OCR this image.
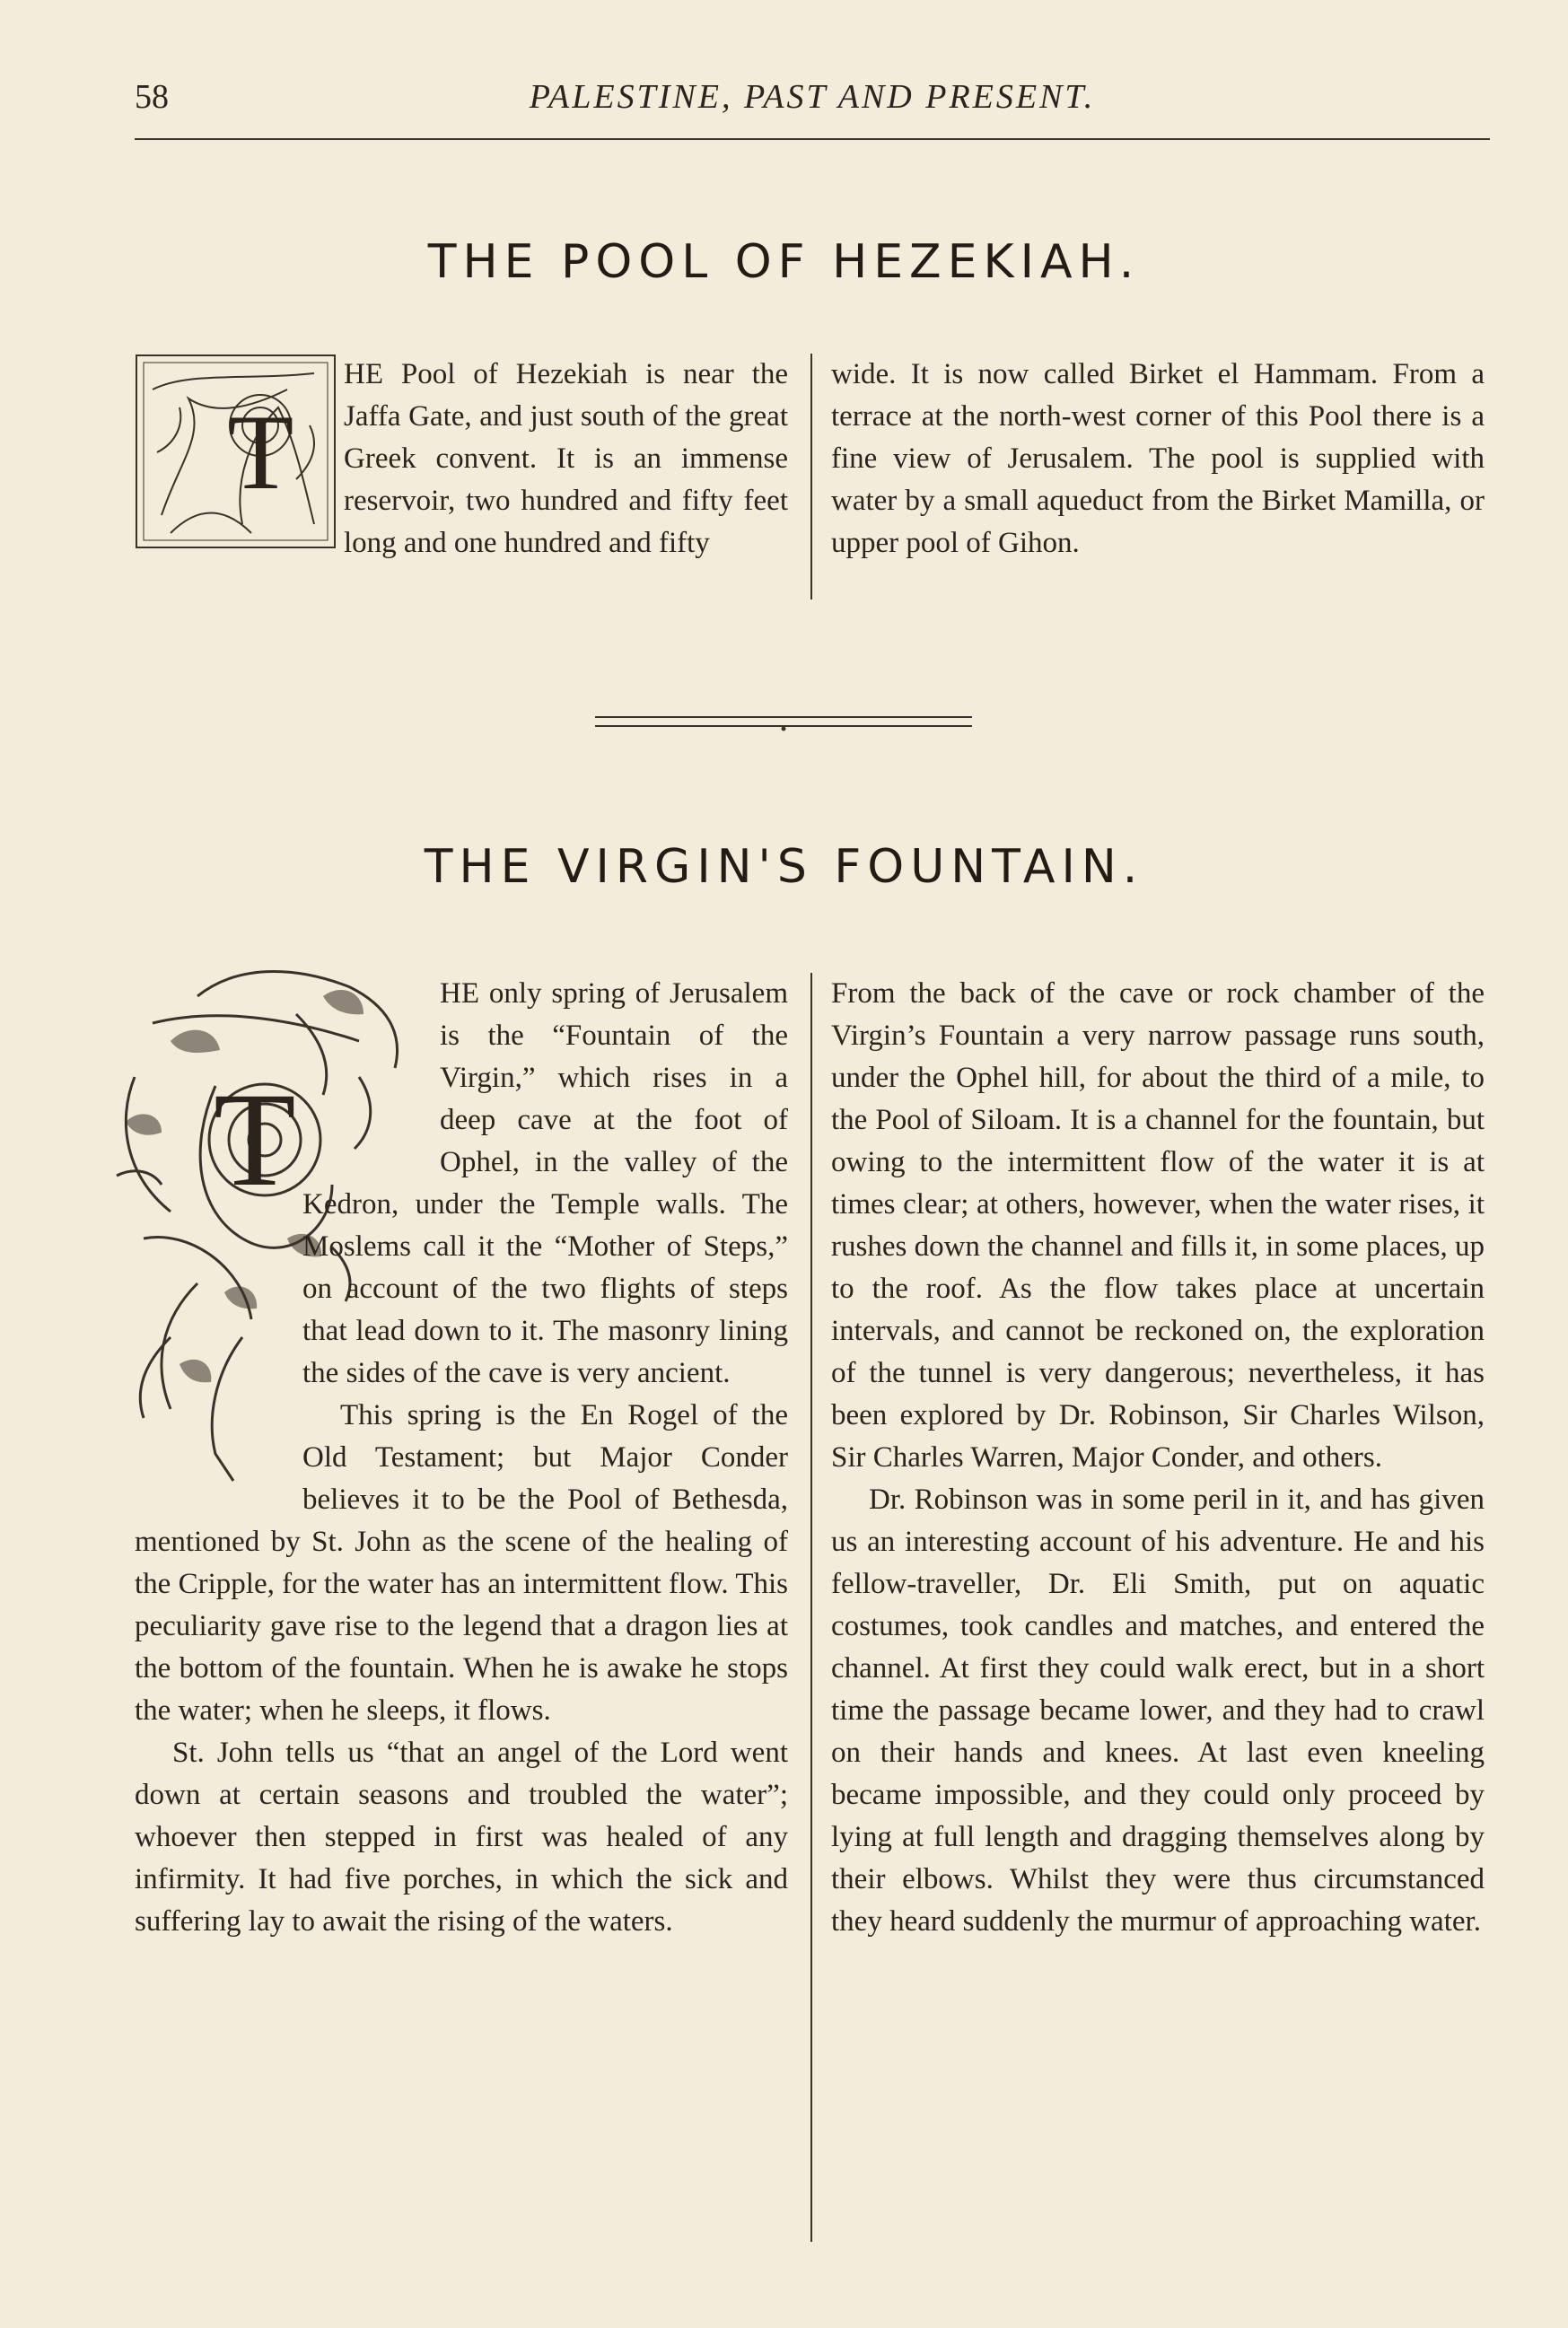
58	PALESTINE, PAST AND PRESENT.
THE POOL OF HEZEKIAH.
T

HE Pool of Hezekiah is near the Jaffa Gate, and just south of the great Greek convent. It is an immense reservoir, two hundred and fifty feet long and one hundred and fifty

wide. It is now called Birket el Hammam. From a terrace at the north-west corner of this Pool there is a fine view of Jerusalem. The pool is supplied with water by a small aqueduct from the Birket Mamilla, or upper pool of Gihon.

THE VIRGIN'S FOUNTAIN.
T

HE only spring of Jerusalem is the “Fountain of the Virgin,” which rises in a deep cave at the foot of Ophel, in the valley of the Kedron, under the Temple walls. The Moslems call it the “Mother of Steps,” on account of the two flights of steps that lead down to it. The masonry lining the sides of the cave is very ancient.

This spring is the En Rogel of the Old Testament; but Major Conder believes it to be the Pool of Bethesda, mentioned by St. John as the scene of the healing of the Cripple, for the water has an intermittent flow. This peculiarity gave rise to the legend that a dragon lies at the bottom of the fountain. When he is awake he stops the water; when he sleeps, it flows.

St. John tells us “that an angel of the Lord went down at certain seasons and troubled the water”; whoever then stepped in first was healed of any infirmity. It had five porches, in which the sick and suffering lay to await the rising of the waters.

From the back of the cave or rock chamber of the Virgin’s Fountain a very narrow passage runs south, under the Ophel hill, for about the third of a mile, to the Pool of Siloam. It is a channel for the fountain, but owing to the intermittent flow of the water it is at times clear; at others, however, when the water rises, it rushes down the channel and fills it, in some places, up to the roof. As the flow takes place at uncertain intervals, and cannot be reckoned on, the exploration of the tunnel is very dangerous; nevertheless, it has been explored by Dr. Robinson, Sir Charles Wilson, Sir Charles Warren, Major Conder, and others.

Dr. Robinson was in some peril in it, and has given us an interesting account of his adventure. He and his fellow-traveller, Dr. Eli Smith, put on aquatic costumes, took candles and matches, and entered the channel. At first they could walk erect, but in a short time the passage became lower, and they had to crawl on their hands and knees. At last even kneeling became impossible, and they could only proceed by lying at full length and dragging themselves along by their elbows. Whilst they were thus circumstanced they heard suddenly the murmur of approaching water.
